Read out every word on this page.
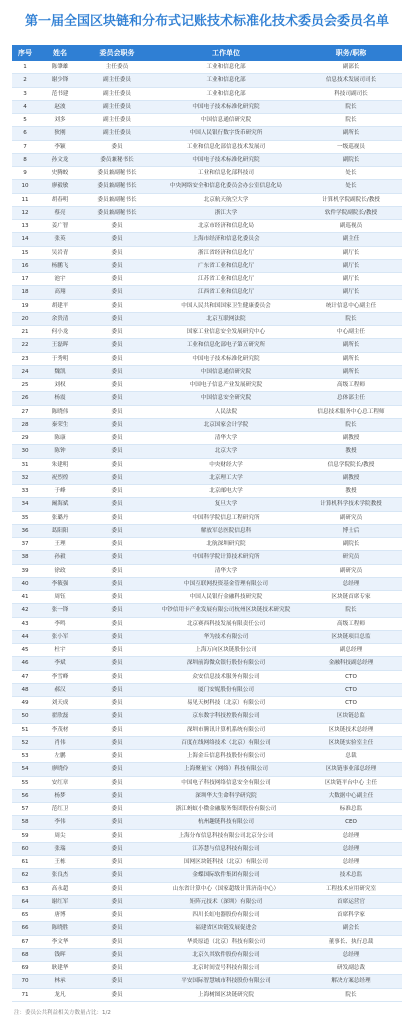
第一届全国区块链和分布式记账技术标准化技术委员会委员名单
序号	姓名	委员会职务	工作单位	职务/职称
1	陈肇雄	主任委员	工业和信息化部	副部长
2	谢少锋	副主任委员	工业和信息化部	信息技术发展司司长
3	范书建	副主任委员	工业和信息化部	科技司副司长
4	赵波	副主任委员	中国电子技术标准化研究院	院长
5	刘多	副主任委员	中国信息通信研究院	院长
6	狄刚	副主任委员	中国人民银行数字货币研究所	副所长
7	李颖	委员	工业和信息化部信息技术发展司	一级巡视员
8	孙文龙	委员兼秘书长	中国电子技术标准化研究院	副院长
9	史腾蛟	委员兼副秘书长	工业和信息化部科技司	处长
10	廖毅敏	委员兼副秘书长	中央网络安全和信息化委员会办公室信息化局	处长
11	胡春明	委员兼副秘书长	北京航天航空大学	计算机学院副院长/教授
12	蔡亮	委员兼副秘书长	浙江大学	软件学院副院长/教授
13	姜广智	委员	北京市经济和信息化局	副巡视员
14	张英	委员	上海市经济和信息化委员会	副主任
15	吴岩青	委员	浙江省经济和信息化厅	副厅长
16	杨鹏飞	委员	广东省工业和信息化厅	副厅长
17	池宇	委员	江苏省工业和信息化厅	副厅长
18	高翔	委员	江西省工业和信息化厅	副厅长
19	胡建平	委员	中国人民共和国国家卫生健康委员会	统计信息中心副主任
20	余贵清	委员	北京互联网法院	院长
21	何小龙	委员	国家工业信息安全发展研究中心	中心副主任
22	王磊晖	委员	工业和信息化部电子第五研究所	副所长
23	于秀明	委员	中国电子技术标准化研究院	副所长
24	魏凯	委员	中国信息通信研究院	副所长
25	刘权	委员	中国电子信息产业发展研究院	高级工程师
26	杨震	委员	中国信息安全研究院	总体部主任
27	陈晓伟	委员	人民法院	信息技术服务中心总工程师
28	秦荣生	委员	北京国家会计学院	院长
29	陈康	委员	清华大学	副教授
30	陈钟	委员	北京大学	教授
31	朱建明	委员	中央财经大学	信息学院院长/教授
32	祝烈煌	委员	北京理工大学	副教授
33	于峰	委员	北京邮电大学	教授
34	阚海斌	委员	复旦大学	计算机科学技术学院教授
35	张璐丹	委员	中国科学院信息工程研究所	副研究员
36	葛阳阳	委员	解放军总医院信息科	博士后
37	王理	委员	北航深圳研究院	副院长
38	孙毅	委员	中国科学院计算技术研究所	研究员
39	徐政	委员	清华大学	副研究员
40	李筱强	委员	中国互联网投资基金管理有限公司	总经理
41	周钰	委员	中国人民银行金融科技研究院	区块链首席专家
42	张一锋	委员	中钞信用卡产业发展有限公司杭州区块链技术研究院	院长
43	李鸣	委员	北京赛西科技发展有限责任公司	高级工程师
44	张小军	委员	华为技术有限公司	区块链项目总监
45	杜宇	委员	上海万向区块链股份公司	副总经理
46	李斌	委员	深圳前海微众银行股份有限公司	金融科技副总经理
47	李雪峰	委员	众安信息技术服务有限公司	CTO
48	郝汉	委员	厦门安妮股份有限公司	CTO
49	刘天成	委员	易见天树科技（北京）有限公司	CTO
50	翟欣磊	委员	京东数字科技控股有限公司	区块链总监
51	李茂材	委员	深圳市腾讯计算机系统有限公司	区块链技术总经理
52	肖伟	委员	百度在线网络技术（北京）有限公司	区块链实验室主任
53	左鹏	委员	上海金丘信息科技股份有限公司	总裁
54	廖晓伶	委员	上海聚量宝（网络）科技有限公司	区块链事业部总经理
55	安红章	委员	中国电子科技网络信息安全有限公司	区块链平台中心 主任
56	杨梦	委员	深圳华大生命科学研究院	大数据中心副主任
57	范红卫	委员	浙江蚂蚁小微金融服务集团股份有限公司	标准总监
58	李伟	委员	杭州趣链科技有限公司	CEO
59	周尖	委员	上海分布信息科技有限公司北京分公司	总经理
60	张瑞	委员	江苏慧与信息科技有限公司	总经理
61	王栋	委员	国网区块链科技（北京）有限公司	总经理
62	张良杰	委员	金蝶国际软件集团有限公司	技术总监
63	高永超	委员	山东省计算中心（国家超级计算济南中心）	工程技术应用研究室
64	谢红军	委员	矩阵元技术（深圳）有限公司	首席运营官
65	唐博	委员	四川长虹电器股份有限公司	首席科学家
66	陈晓胜	委员	福建省区块链发展促进会	副会长
67	李文华	委员	华炎原道（北京）科技有限公司	董事长、执行总裁
68	钱晖	委员	北京久其软件股份有限公司	总经理
69	耿建华	委员	北京时间壹号科技有限公司	研发副总裁
70	林承	委员	平安国际智慧城市科技股份有限公司	解决方案总经理
71	龙凡	委员	上海树图区块链研究院	院长
注：委员公共利益相关方数量占比：1/2
